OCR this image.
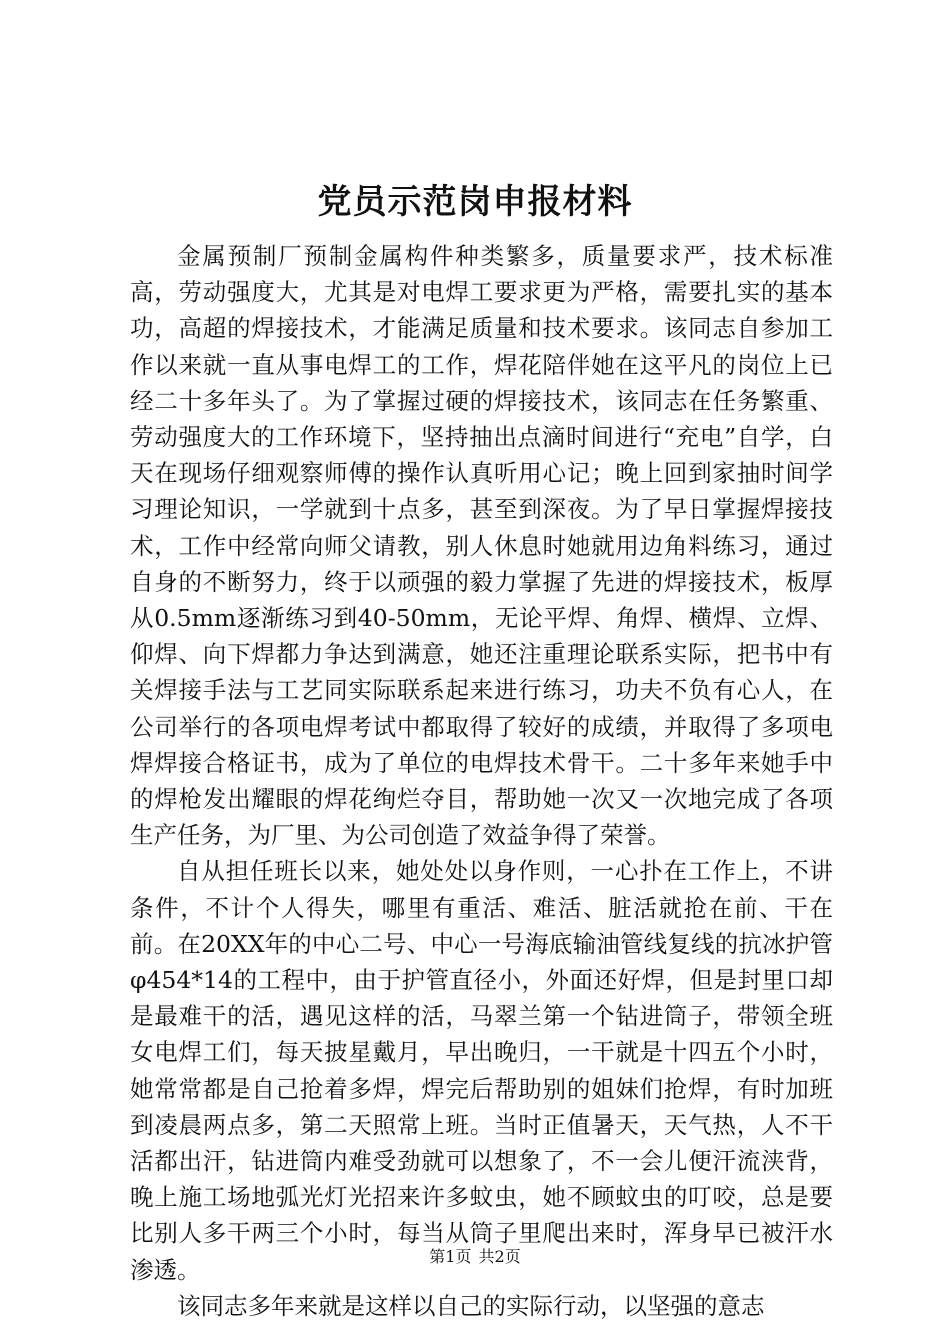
党员示范岗申报材料

金属预制厂预制金属构件种类繁多，质量要求严，技术标准高，劳动强度大，尤其是对电焊工要求更为严格，需要扎实的基本功，高超的焊接技术，才能满足质量和技术要求。该同志自参加工作以来就一直从事电焊工的工作，焊花陪伴她在这平凡的岗位上已经二十多年头了。为了掌握过硬的焊接技术，该同志在任务繁重、劳动强度大的工作环境下，坚持抽出点滴时间进行“充电”自学，白天在现场仔细观察师傅的操作认真听用心记；晚上回到家抽时间学习理论知识，一学就到十点多，甚至到深夜。为了早日掌握焊接技术，工作中经常向师父请教，别人休息时她就用边角料练习，通过自身的不断努力，终于以顽强的毅力掌握了先进的焊接技术，板厚从0.5mm逐渐练习到40-50mm，无论平焊、角焊、横焊、立焊、仰焊、向下焊都力争达到满意，她还注重理论联系实际，把书中有关焊接手法与工艺同实际联系起来进行练习，功夫不负有心人，在公司举行的各项电焊考试中都取得了较好的成绩，并取得了多项电焊焊接合格证书，成为了单位的电焊技术骨干。二十多年来她手中的焊枪发出耀眼的焊花绚烂夺目，帮助她一次又一次地完成了各项生产任务，为厂里、为公司创造了效益争得了荣誉。

自从担任班长以来，她处处以身作则，一心扑在工作上，不讲条件，不计个人得失，哪里有重活、难活、脏活就抢在前、干在前。在20XX年的中心二号、中心一号海底输油管线复线的抗冰护管φ454*14的工程中，由于护管直径小，外面还好焊，但是封里口却是最难干的活，遇见这样的活，马翠兰第一个钻进筒子，带领全班女电焊工们，每天披星戴月，早出晚归，一干就是十四五个小时，她常常都是自己抢着多焊，焊完后帮助别的姐妹们抢焊，有时加班到凌晨两点多，第二天照常上班。当时正值暑天，天气热，人不干活都出汗，钻进筒内难受劲就可以想象了，不一会儿便汗流浃背，晚上施工场地弧光灯光招来许多蚊虫，她不顾蚊虫的叮咬，总是要比别人多干两三个小时，每当从筒子里爬出来时，浑身早已被汗水渗透。

该同志多年来就是这样以自己的实际行动，以坚强的意志

第1页 共2页
